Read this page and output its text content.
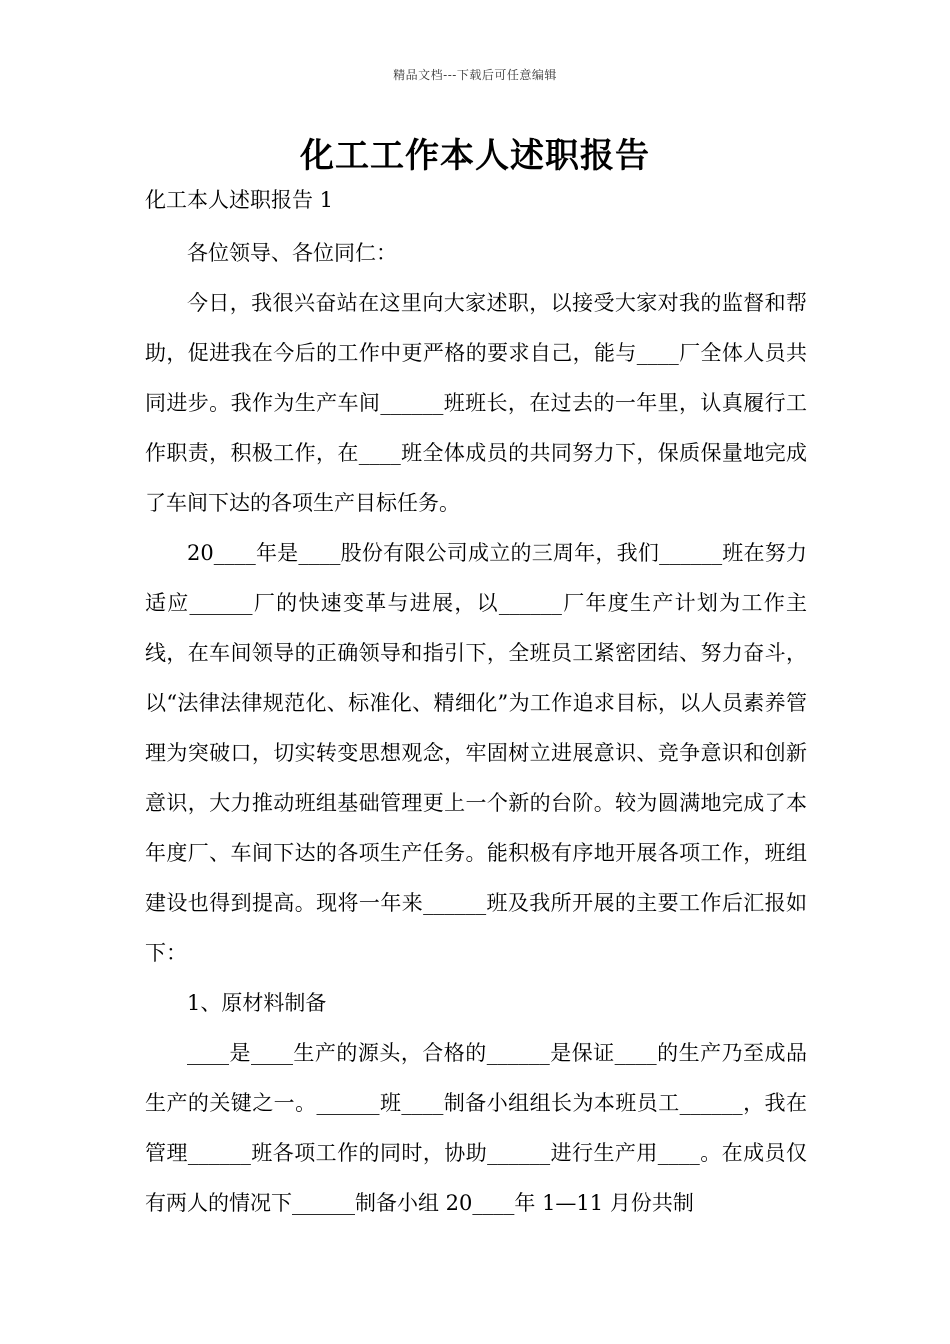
精品文档---下载后可任意编辑
化工工作本人述职报告
化工本人述职报告 1

各位领导、各位同仁：

今日，我很兴奋站在这里向大家述职，以接受大家对我的监督和帮助，促进我在今后的工作中更严格的要求自己，能与____厂全体人员共同进步。我作为生产车间______班班长，在过去的一年里，认真履行工作职责，积极工作，在____班全体成员的共同努力下，保质保量地完成了车间下达的各项生产目标任务。

20____年是____股份有限公司成立的三周年，我们______班在努力适应______厂的快速变革与进展，以______厂年度生产计划为工作主线，在车间领导的正确领导和指引下，全班员工紧密团结、努力奋斗，以“法律法律规范化、标准化、精细化”为工作追求目标，以人员素养管理为突破口，切实转变思想观念，牢固树立进展意识、竞争意识和创新意识，大力推动班组基础管理更上一个新的台阶。较为圆满地完成了本年度厂、车间下达的各项生产任务。能积极有序地开展各项工作，班组建设也得到提高。现将一年来______班及我所开展的主要工作后汇报如下：

1、原材料制备

____是____生产的源头，合格的______是保证____的生产乃至成品生产的关键之一。______班____制备小组组长为本班员工______，我在管理______班各项工作的同时，协助______进行生产用____。在成员仅有两人的情况下______制备小组 20____年 1—11 月份共制
